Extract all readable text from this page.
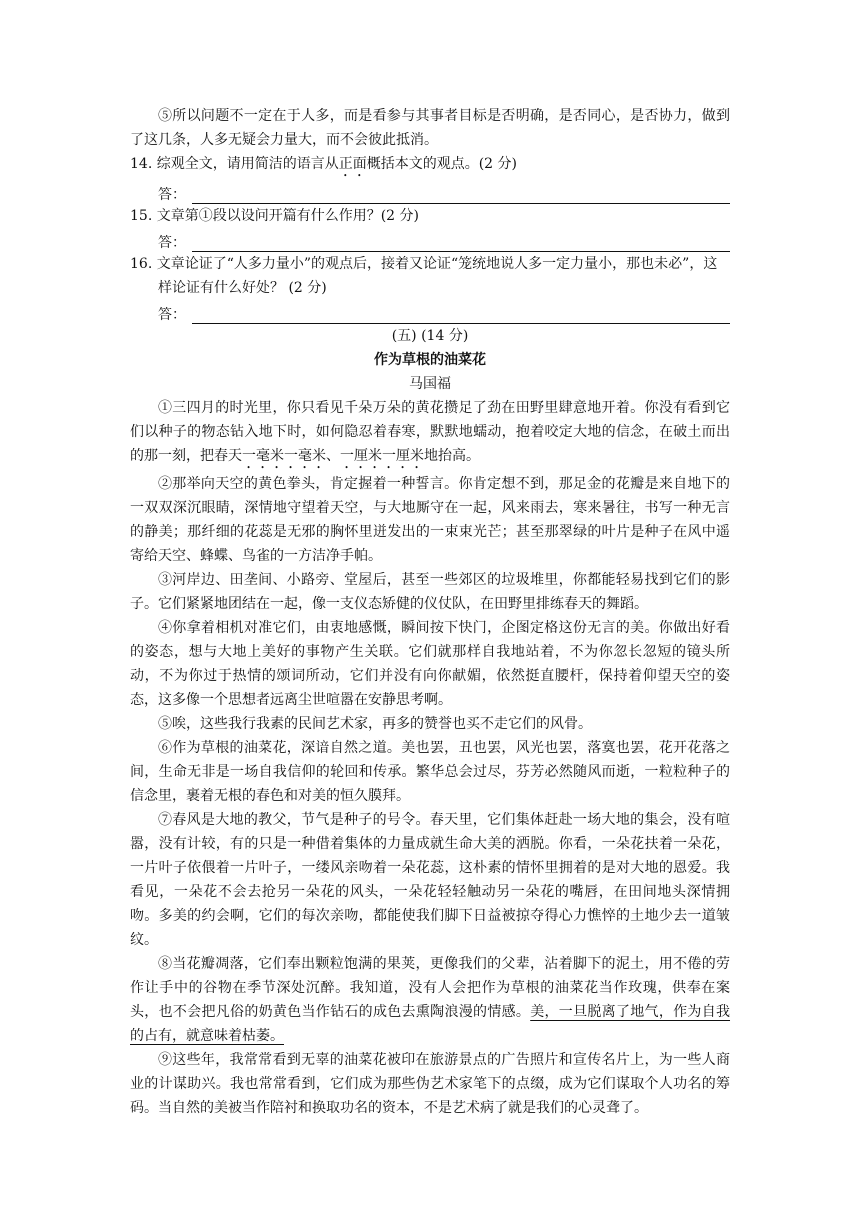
⑤所以问题不一定在于人多，而是看参与其事者目标是否明确，是否同心，是否协力，做到了这几条，人多无疑会力量大，而不会彼此抵消。

14. 综观全文，请用简洁的语言从正面概括本文的观点。(2 分)

答：

15. 文章第①段以设问开篇有什么作用？(2 分)

答：

16. 文章论证了“人多力量小”的观点后，接着又论证“笼统地说人多一定力量小，那也未必”，这样论证有什么好处？ (2 分)

答：

(五) (14 分)

作为草根的油菜花

马国福

①三四月的时光里，你只看见千朵万朵的黄花攒足了劲在田野里肆意地开着。你没有看到它们以种子的物态钻入地下时，如何隐忍着春寒，默默地蠕动，抱着咬定大地的信念，在破土而出的那一刻，把春天一毫米一毫米、一厘米一厘米地抬高。

②那举向天空的黄色拳头，肯定握着一种誓言。你肯定想不到，那足金的花瓣是来自地下的一双双深沉眼睛，深情地守望着天空，与大地厮守在一起，风来雨去，寒来暑往，书写一种无言的静美；那纤细的花蕊是无邪的胸怀里迸发出的一束束光芒；甚至那翠绿的叶片是种子在风中遥寄给天空、蜂蝶、鸟雀的一方洁净手帕。

③河岸边、田垄间、小路旁、堂屋后，甚至一些郊区的垃圾堆里，你都能轻易找到它们的影子。它们紧紧地团结在一起，像一支仪态矫健的仪仗队，在田野里排练春天的舞蹈。

④你拿着相机对准它们，由衷地感慨，瞬间按下快门，企图定格这份无言的美。你做出好看的姿态，想与大地上美好的事物产生关联。它们就那样自我地站着，不为你忽长忽短的镜头所动，不为你过于热情的颂词所动，它们并没有向你献媚，依然挺直腰杆，保持着仰望天空的姿态，这多像一个思想者远离尘世喧嚣在安静思考啊。

⑤唉，这些我行我素的民间艺术家，再多的赞誉也买不走它们的风骨。

⑥作为草根的油菜花，深谙自然之道。美也罢，丑也罢，风光也罢，落寞也罢，花开花落之间，生命无非是一场自我信仰的轮回和传承。繁华总会过尽，芬芳必然随风而逝，一粒粒种子的信念里，裹着无根的春色和对美的恒久膜拜。

⑦春风是大地的教父，节气是种子的号令。春天里，它们集体赶赴一场大地的集会，没有喧嚣，没有计较，有的只是一种借着集体的力量成就生命大美的洒脱。你看，一朵花扶着一朵花，一片叶子依偎着一片叶子，一缕风亲吻着一朵花蕊，这朴素的情怀里拥着的是对大地的恩爱。我看见，一朵花不会去抢另一朵花的风头，一朵花轻轻触动另一朵花的嘴唇，在田间地头深情拥吻。多美的约会啊，它们的每次亲吻，都能使我们脚下日益被掠夺得心力憔悴的土地少去一道皱纹。

⑧当花瓣凋落，它们奉出颗粒饱满的果荚，更像我们的父辈，沾着脚下的泥土，用不倦的劳作让手中的谷物在季节深处沉醉。我知道，没有人会把作为草根的油菜花当作玫瑰，供奉在案头，也不会把凡俗的奶黄色当作钻石的成色去熏陶浪漫的情感。美，一旦脱离了地气，作为自我的占有，就意味着枯萎。

⑨这些年，我常常看到无辜的油菜花被印在旅游景点的广告照片和宣传名片上，为一些人商业的计谋助兴。我也常常看到，它们成为那些伪艺术家笔下的点缀，成为它们谋取个人功名的筹码。当自然的美被当作陪衬和换取功名的资本，不是艺术病了就是我们的心灵聋了。
